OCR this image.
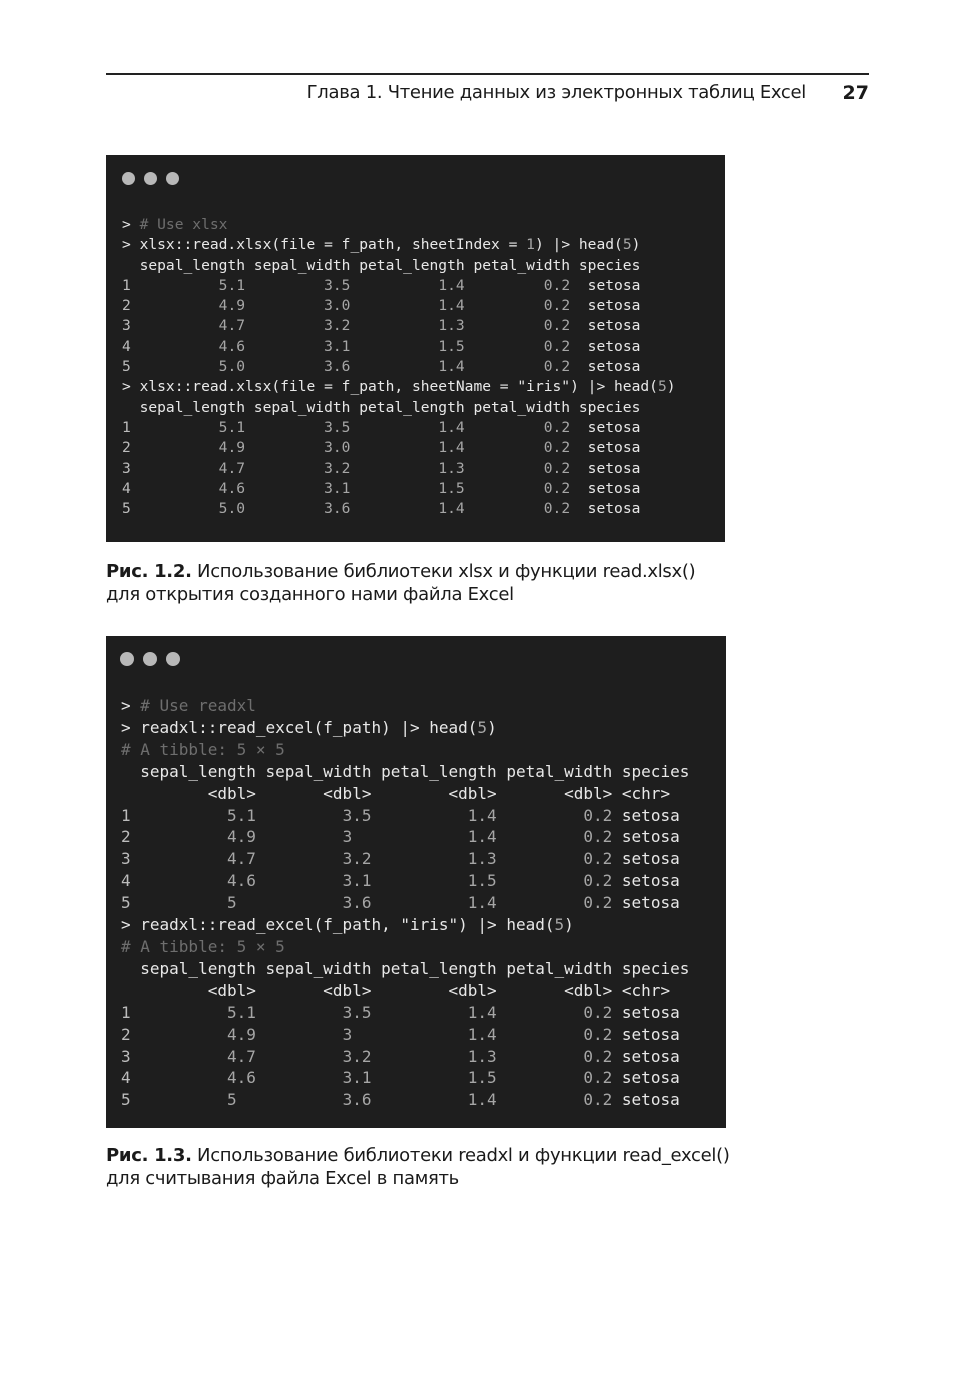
Глава 1. Чтение данных из электронных таблиц Excel	27
> # Use xlsx
> xlsx::read.xlsx(file = f_path, sheetIndex = 1) |> head(5)
sepal_length sepal_width petal_length petal_width species
1          5.1         3.5          1.4         0.2  setosa
2          4.9         3.0          1.4         0.2  setosa
3          4.7         3.2          1.3         0.2  setosa
4          4.6         3.1          1.5         0.2  setosa
5          5.0         3.6          1.4         0.2  setosa
> xlsx::read.xlsx(file = f_path, sheetName = "iris") |> head(5)
sepal_length sepal_width petal_length petal_width species
1          5.1         3.5          1.4         0.2  setosa
2          4.9         3.0          1.4         0.2  setosa
3          4.7         3.2          1.3         0.2  setosa
4          4.6         3.1          1.5         0.2  setosa
5          5.0         3.6          1.4         0.2  setosa
Рис. 1.2. Использование библиотеки xlsx и функции read.xlsx()
для открытия созданного нами файла Excel
> # Use readxl
> readxl::read_excel(f_path) |> head(5)
# A tibble: 5 × 5
sepal_length sepal_width petal_length petal_width species
<dbl>       <dbl>        <dbl>       <dbl> <chr>
1          5.1         3.5          1.4         0.2 setosa
2          4.9         3            1.4         0.2 setosa
3          4.7         3.2          1.3         0.2 setosa
4          4.6         3.1          1.5         0.2 setosa
5          5           3.6          1.4         0.2 setosa
> readxl::read_excel(f_path, "iris") |> head(5)
# A tibble: 5 × 5
sepal_length sepal_width petal_length petal_width species
<dbl>       <dbl>        <dbl>       <dbl> <chr>
1          5.1         3.5          1.4         0.2 setosa
2          4.9         3            1.4         0.2 setosa
3          4.7         3.2          1.3         0.2 setosa
4          4.6         3.1          1.5         0.2 setosa
5          5           3.6          1.4         0.2 setosa
Рис. 1.3. Использование библиотеки readxl и функции read_excel()
для считывания файла Excel в память
